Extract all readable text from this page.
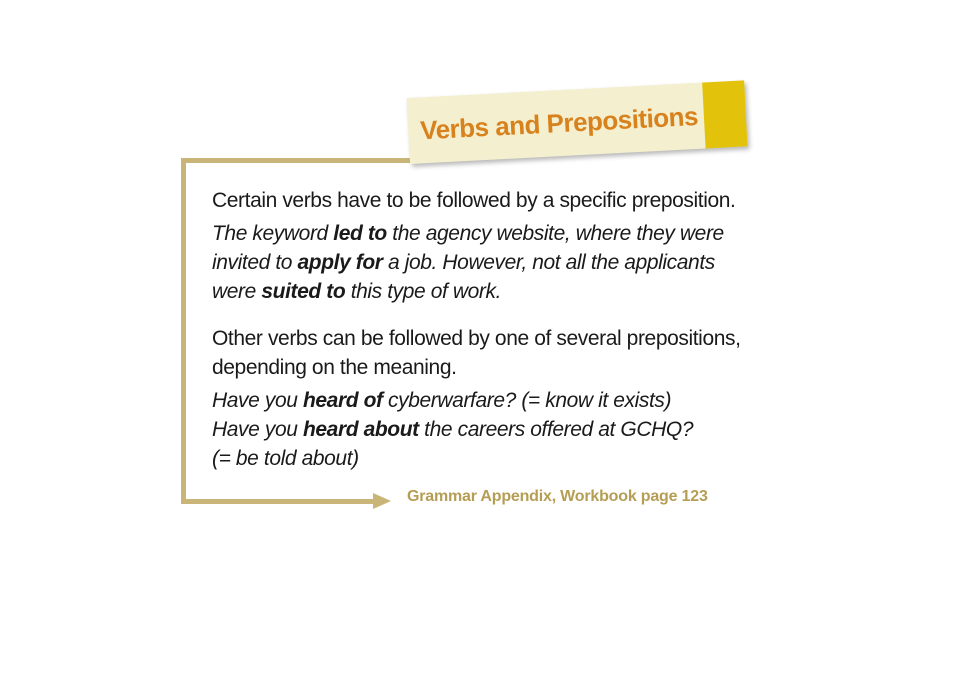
Verbs and Prepositions

Certain verbs have to be followed by a specific preposition.

The keyword led to the agency website, where they were
invited to apply for a job. However, not all the applicants
were suited to this type of work.

Other verbs can be followed by one of several prepositions,
depending on the meaning.

Have you heard of cyberwarfare? (= know it exists)
Have you heard about the careers offered at GCHQ?
(= be told about)

Grammar Appendix, Workbook page 123
